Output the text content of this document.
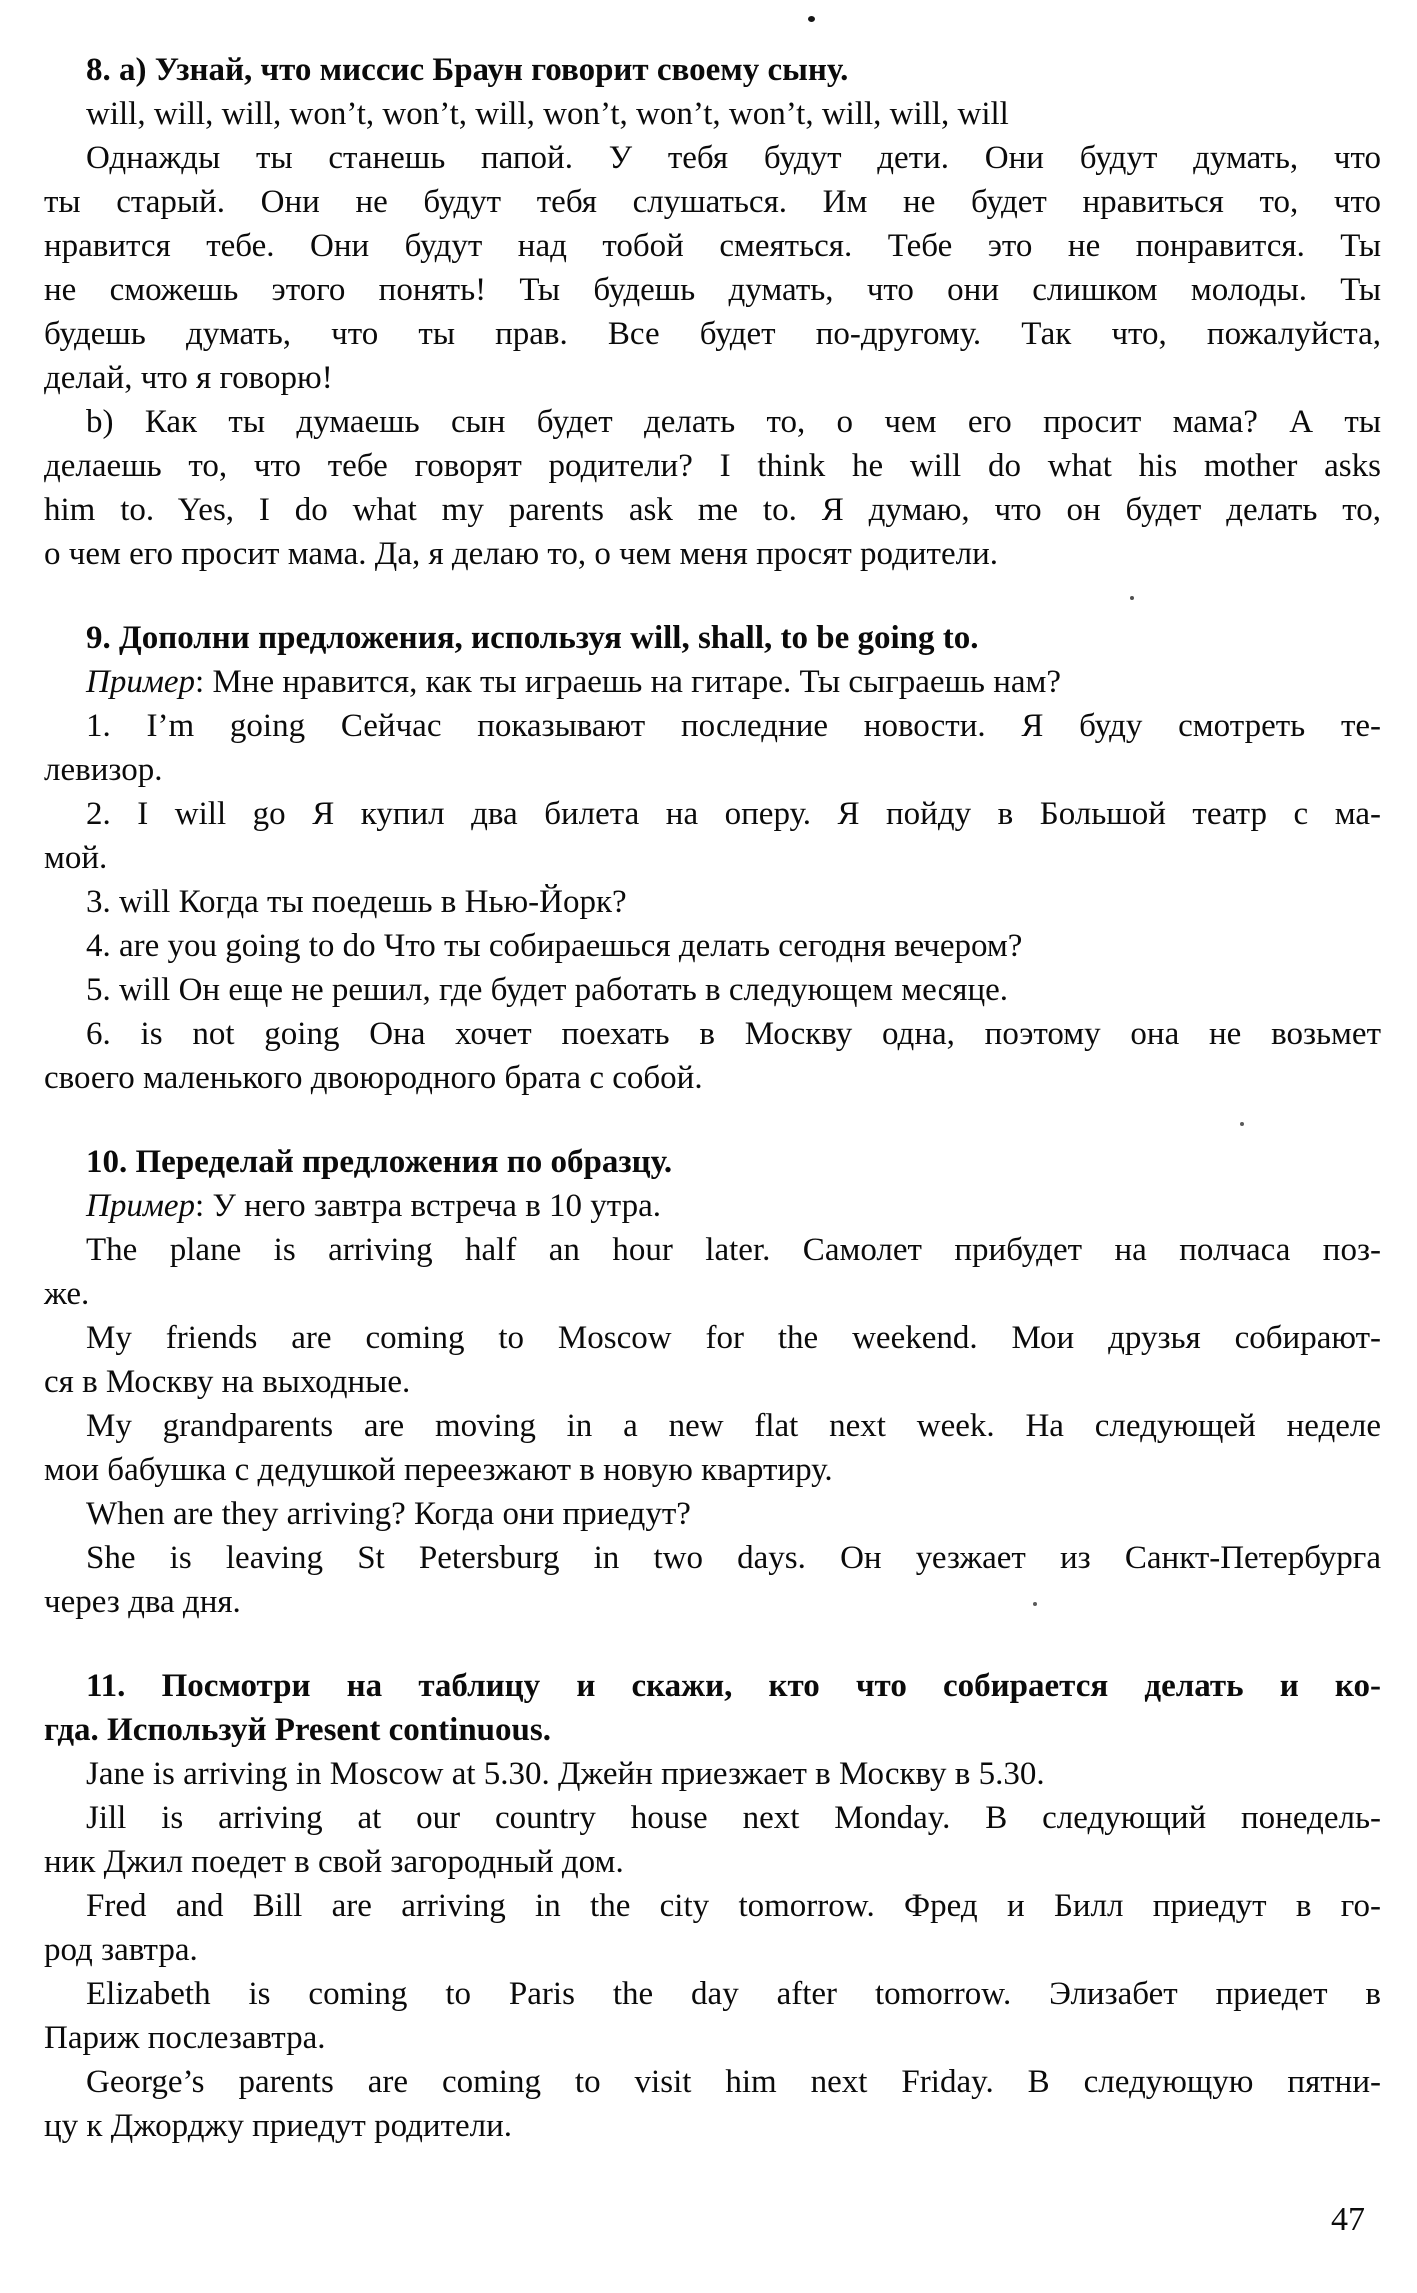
8. а) Узнай, что миссис Браун говорит своему сыну.
will, will, will, won’t, won’t, will, won’t, won’t, won’t, will, will, will
Однажды ты станешь папой. У тебя будут дети. Они будут думать, что
ты старый. Они не будут тебя слушаться. Им не будет нравиться то, что
нравится тебе. Они будут над тобой смеяться. Тебе это не понравится. Ты
не сможешь этого понять! Ты будешь думать, что они слишком молоды. Ты
будешь думать, что ты прав. Все будет по-другому. Так что, пожалуйста,
делай, что я говорю!
b) Как ты думаешь сын будет делать то, о чем его просит мама? А ты
делаешь то, что тебе говорят родители? I think he will do what his mother asks
him to. Yes, I do what my parents ask me to. Я думаю, что он будет делать то,
о чем его просит мама. Да, я делаю то, о чем меня просят родители.
9. Дополни предложения, используя will, shall, to be going to.
Пример: Мне нравится, как ты играешь на гитаре. Ты сыграешь нам?
1. I’m going Сейчас показывают последние новости. Я буду смотреть те-
левизор.
2. I will go Я купил два билета на оперу. Я пойду в Большой театр с ма-
мой.
3. will Когда ты поедешь в Нью-Йорк?
4. are you going to do Что ты собираешься делать сегодня вечером?
5. will Он еще не решил, где будет работать в следующем месяце.
6. is not going Она хочет поехать в Москву одна, поэтому она не возьмет
своего маленького двоюродного брата с собой.
10. Переделай предложения по образцу.
Пример: У него завтра встреча в 10 утра.
The plane is arriving half an hour later. Самолет прибудет на полчаса поз-
же.
My friends are coming to Moscow for the weekend. Мои друзья собирают-
ся в Москву на выходные.
My grandparents are moving in a new flat next week. На следующей неделе
мои бабушка с дедушкой переезжают в новую квартиру.
When are they arriving? Когда они приедут?
She is leaving St Petersburg in two days. Он уезжает из Санкт-Петербурга
через два дня.
11. Посмотри на таблицу и скажи, кто что собирается делать и ко-
гда. Используй Present continuous.
Jane is arriving in Moscow at 5.30. Джейн приезжает в Москву в 5.30.
Jill is arriving at our country house next Monday. В следующий понедель-
ник Джил поедет в свой загородный дом.
Fred and Bill are arriving in the city tomorrow. Фред и Билл приедут в го-
род завтра.
Elizabeth is coming to Paris the day after tomorrow. Элизабет приедет в
Париж послезавтра.
George’s parents are coming to visit him next Friday. В следующую пятни-
цу к Джорджу приедут родители.
47
